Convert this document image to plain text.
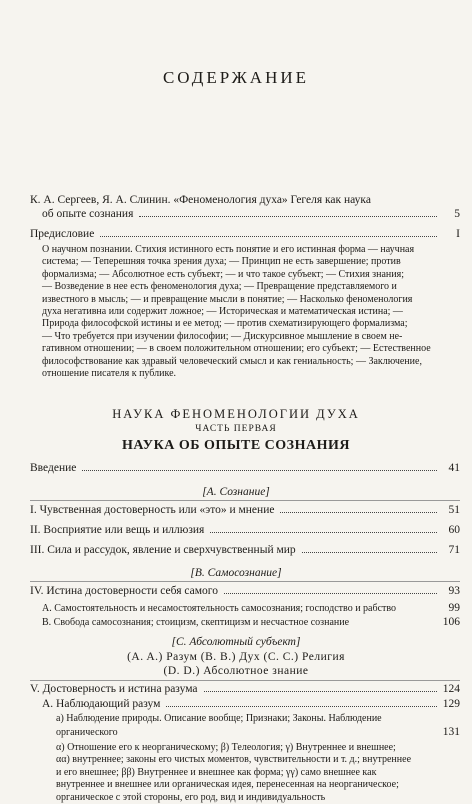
СОДЕРЖАНИЕ
К. А. Сергеев, Я. А. Слинин. «Феноменология духа» Гегеля как наука
об опыте сознания	5
Предисловие	I
О научном познании. Стихия истинного есть понятие и его истинная форма — научная
система; — Теперешняя точка зрения духа; — Принцип не есть завершение; против
формализма; — Абсолютное есть субъект; — и что такое субъект; — Стихия знания;
— Возведение в нее есть феноменология духа; — Превращение представляемого и
известного в мысль; — и превращение мысли в понятие; — Насколько феноменология
духа негативна или содержит ложное; — Историческая и математическая истина; —
Природа философской истины и ее метод; — против схематизирующего формализма;
— Что требуется при изучении философии; — Дискурсивное мышление в своем не-
гативном отношении; — в своем положительном отношении; его субъект; — Естественное
философствование как здравый человеческий смысл и как гениальность; — Заключение,
отношение писателя к публике.
НАУКА ФЕНОМЕНОЛОГИИ ДУХА
ЧАСТЬ ПЕРВАЯ
НАУКА ОБ ОПЫТЕ СОЗНАНИЯ
Введение	41
[A. Сознание]
I. Чувственная достоверность или «это» и мнение	51
II. Восприятие или вещь и иллюзия	60
III. Сила и рассудок, явление и сверхчувственный мир	71
[B. Самосознание]
IV. Истина достоверности себя самого	93
А. Самостоятельность и несамостоятельность самосознания; господство и рабство	99
В. Свобода самосознания; стоицизм, скептицизм и несчастное сознание	106
[C. Абсолютный субъект]
(A. A.) Разум (B. B.) Дух (C. C.) Религия
(D. D.) Абсолютное знание
V. Достоверность и истина разума	124
А. Наблюдающий разум	129
а) Наблюдение природы. Описание вообще; Признаки; Законы. Наблюдение
органического	131
α) Отношение его к неорганическому; β) Телеология; γ) Внутреннее и внешнее;
αα) внутреннее; законы его чистых моментов, чувствительности и т. д.; внутреннее
и его внешнее; ββ) Внутреннее и внешнее как форма; γγ) само внешнее как
внутреннее и внешнее или органическая идея, перенесенная на неорганическое;
органическое с этой стороны, его род, вид и индивидуальность
